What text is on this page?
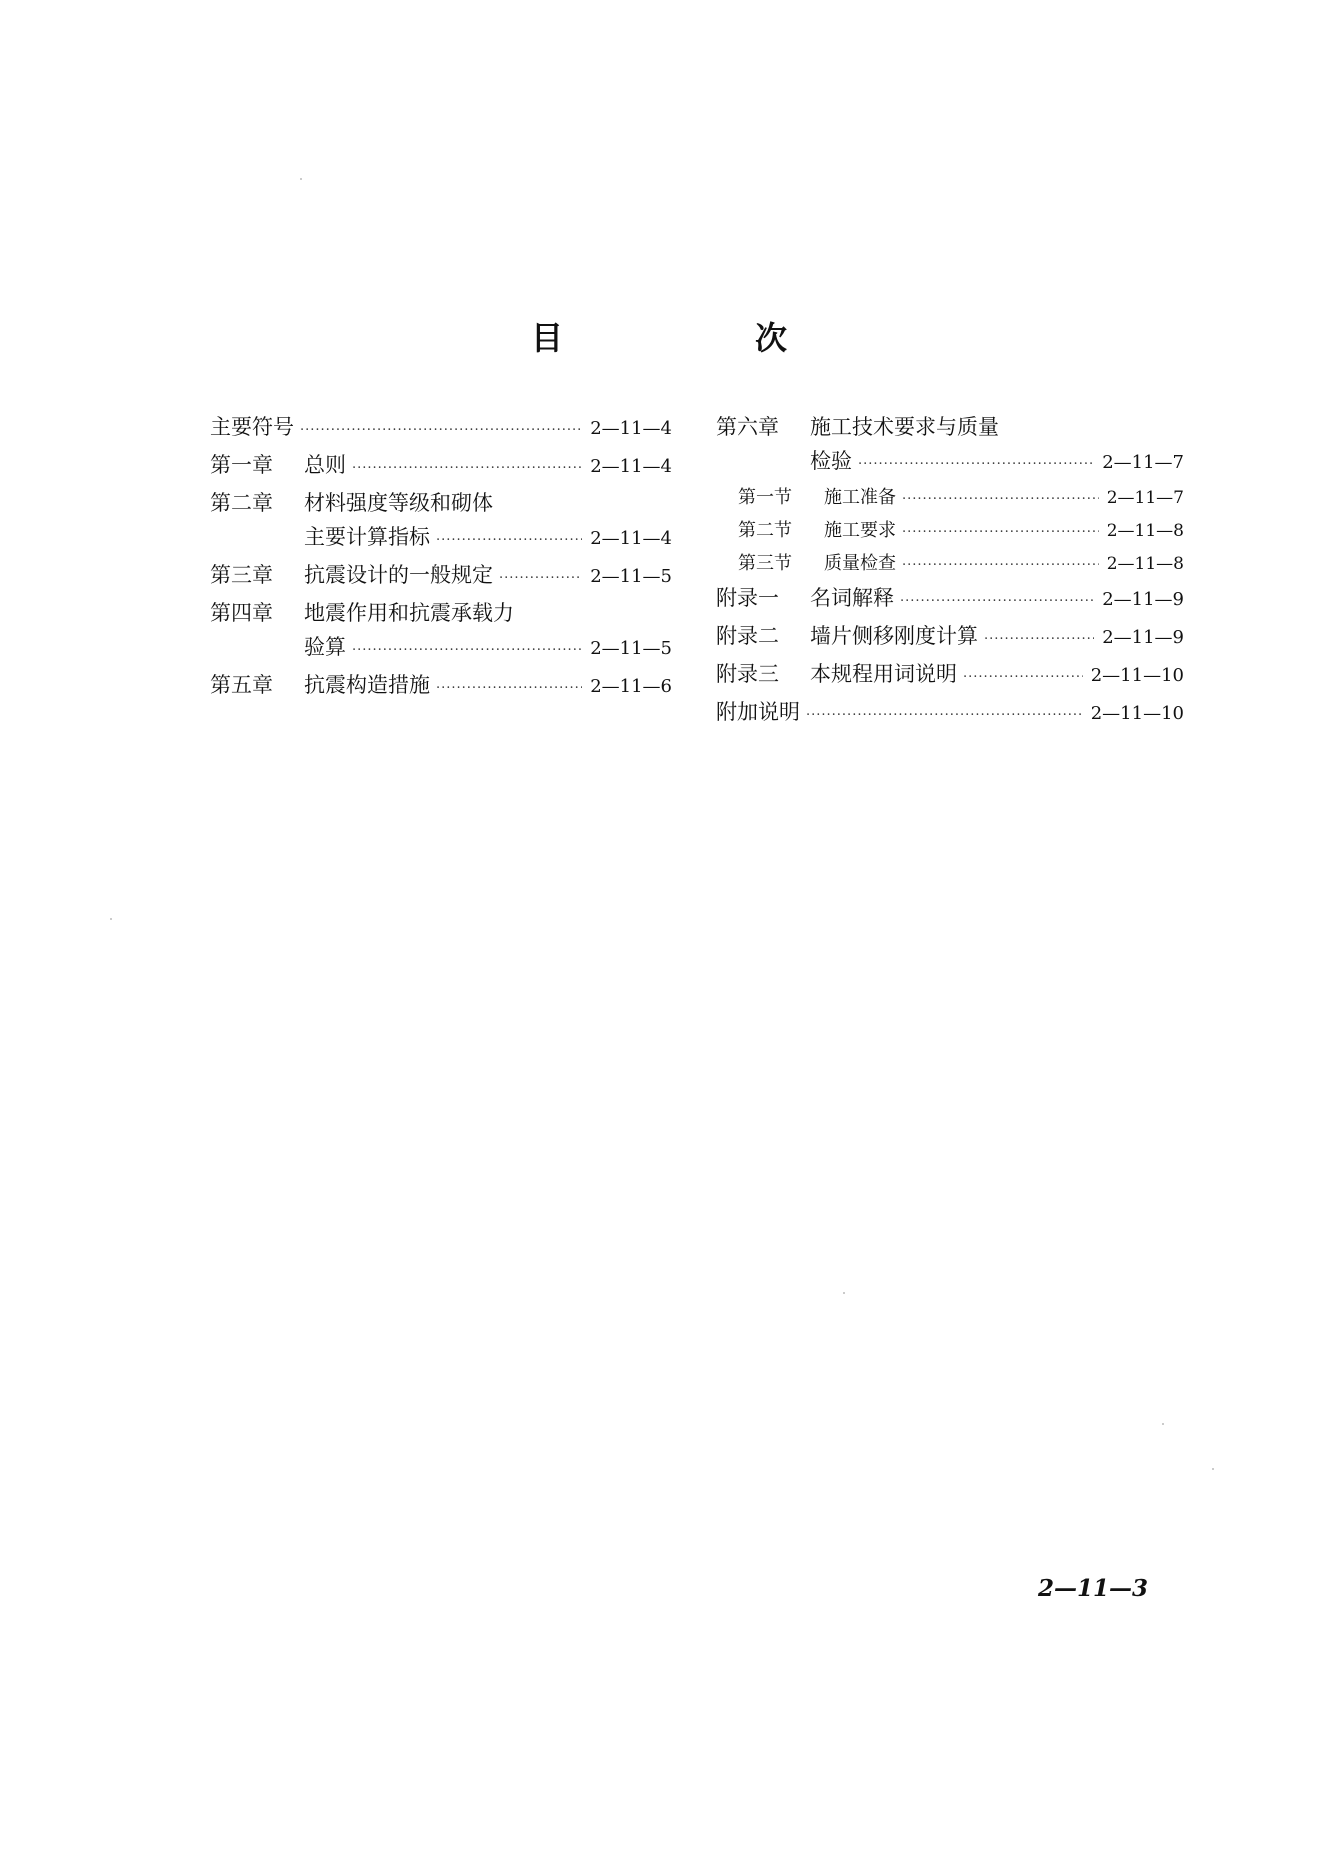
目　次
主要符号 .....	2—11—4
第一章	总则 .....	2—11—4
第二章	材料强度等级和砌体
主要计算指标 .....	2—11—4
第三章	抗震设计的一般规定 .....	2—11—5
第四章	地震作用和抗震承载力
验算 .....	2—11—5
第五章	抗震构造措施 .....	2—11—6
第六章	施工技术要求与质量
检验 .....	2—11—7
第一节	施工准备 .....	2—11—7
第二节	施工要求 .....	2—11—8
第三节	质量检查 .....	2—11—8
附录一	名词解释 .....	2—11—9
附录二	墙片侧移刚度计算 .....	2—11—9
附录三	本规程用词说明 .....	2—11—10
附加说明 .....	2—11—10
2—11—3
